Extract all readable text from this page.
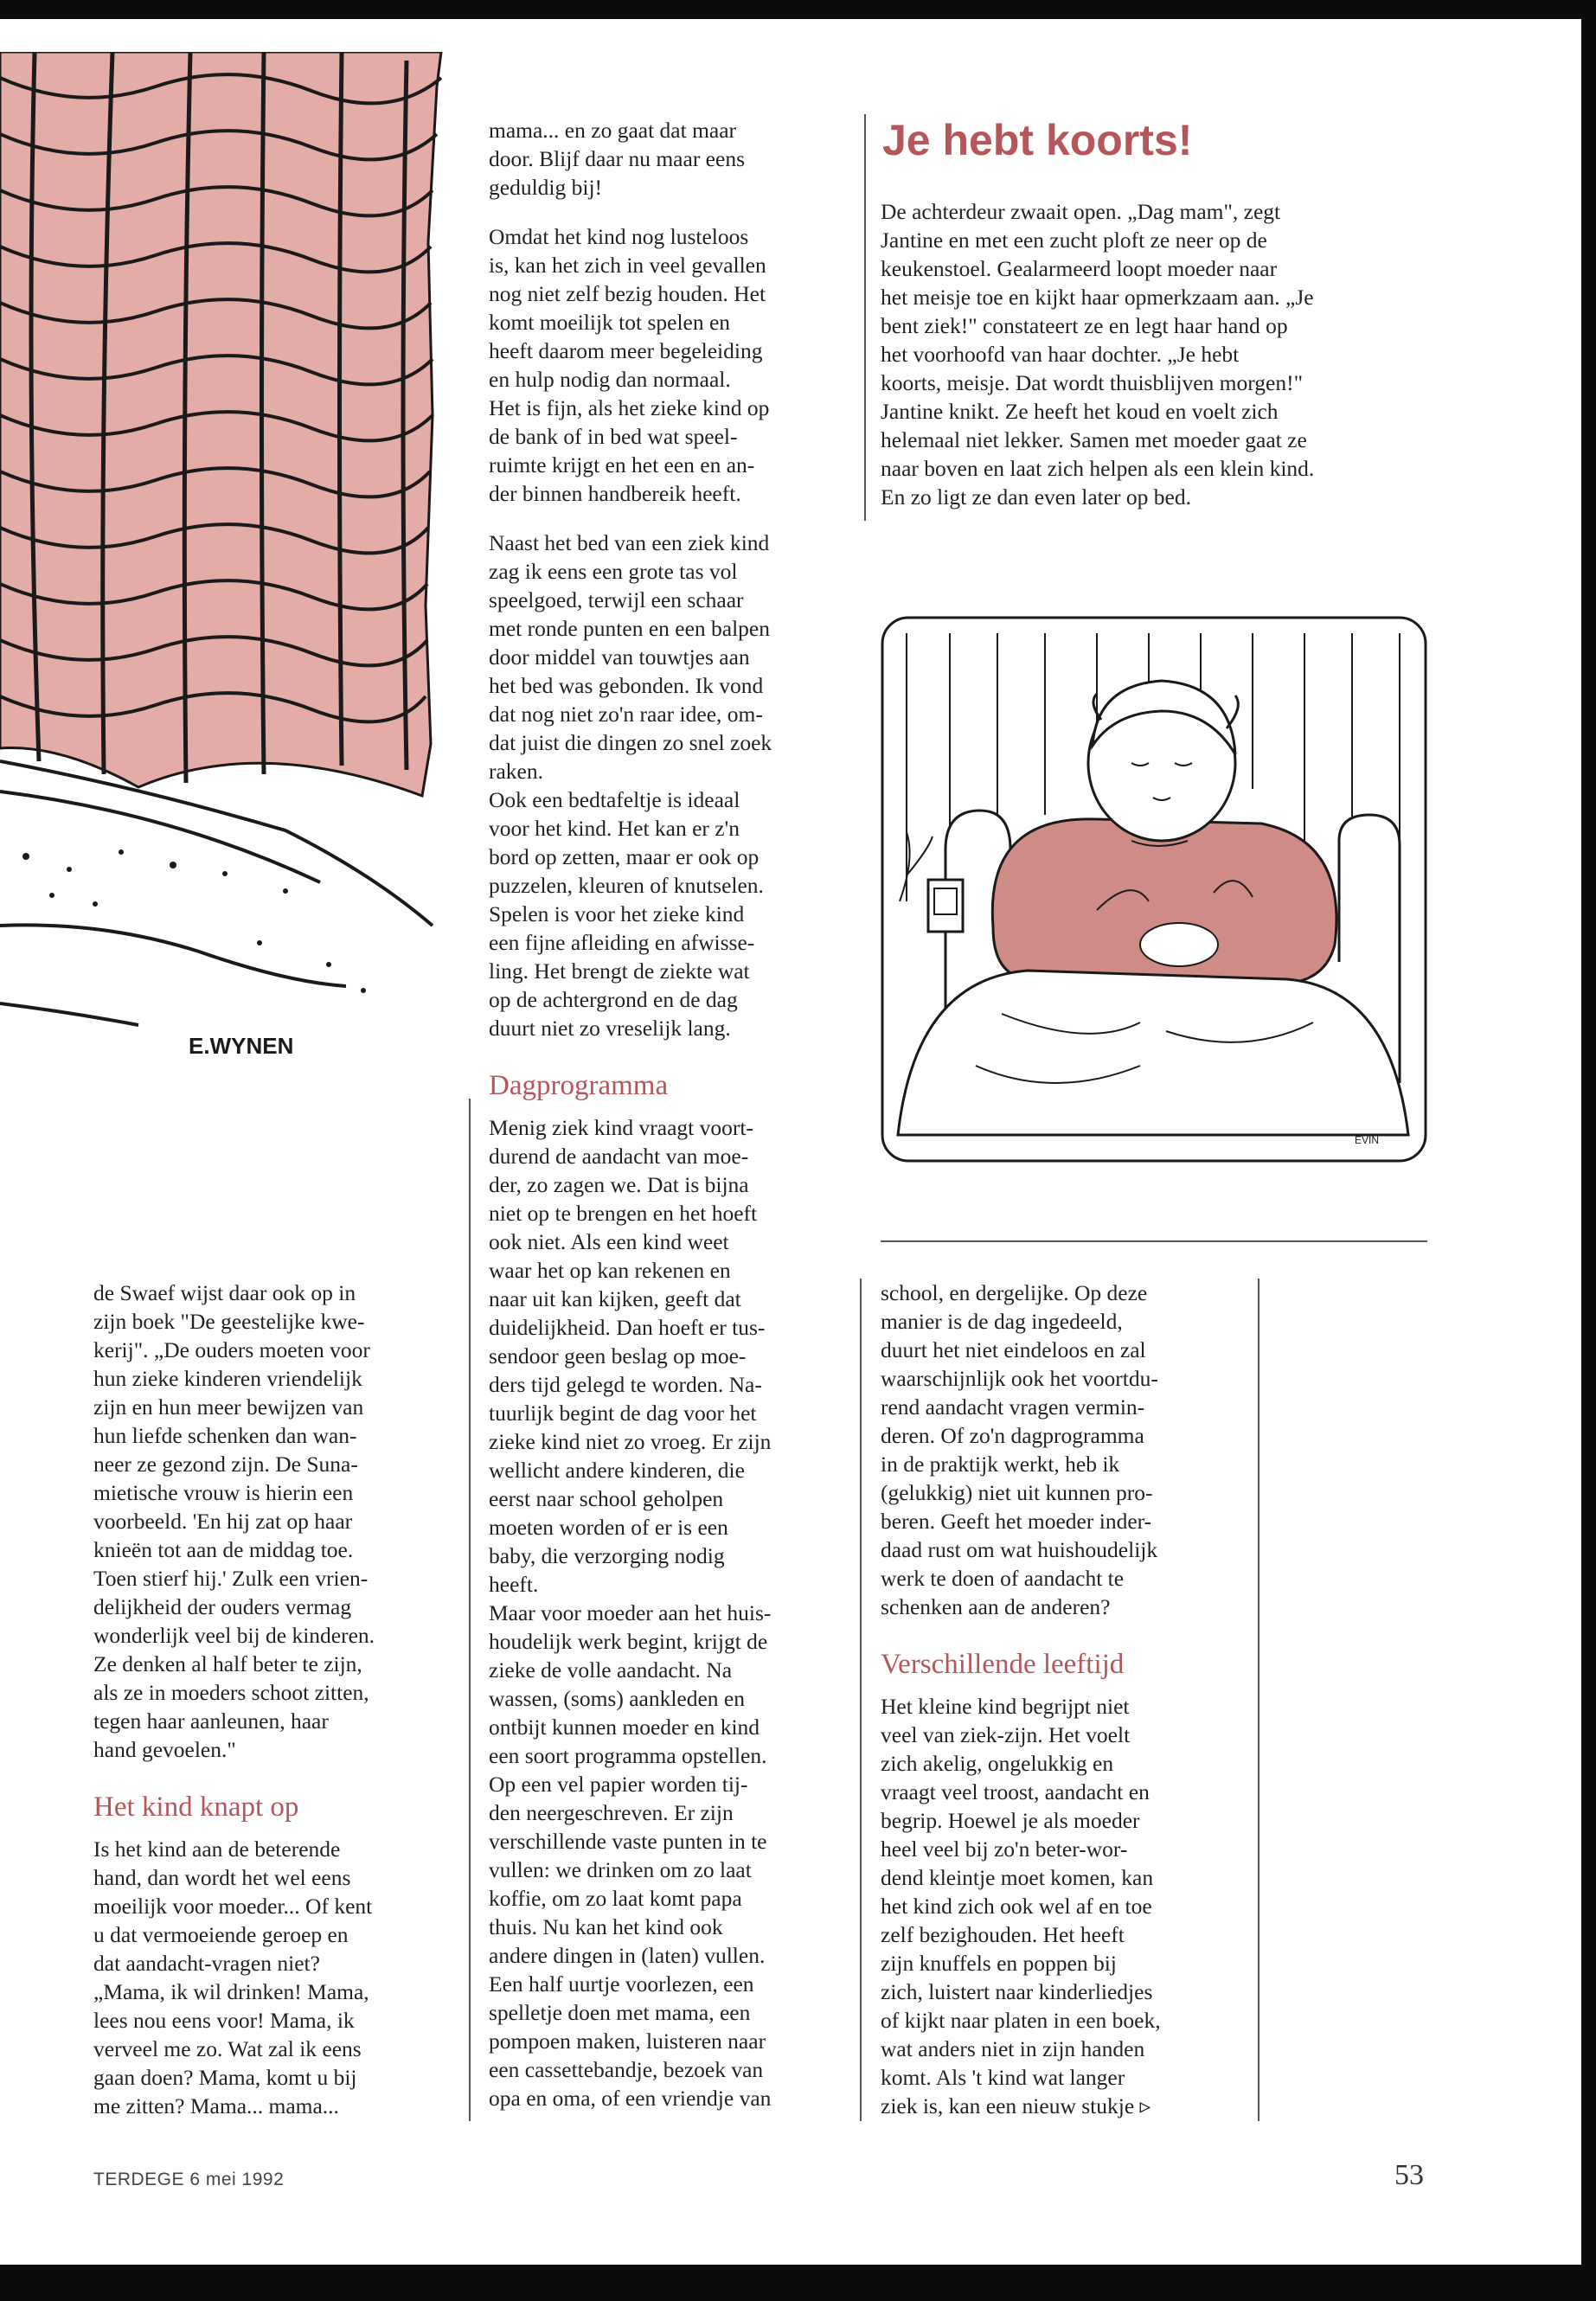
E.WYNEN

mama... en zo gaat dat maar
door. Blijf daar nu maar eens
geduldig bij!

Omdat het kind nog lusteloos
is, kan het zich in veel gevallen
nog niet zelf bezig houden. Het
komt moeilijk tot spelen en
heeft daarom meer begeleiding
en hulp nodig dan normaal.
Het is fijn, als het zieke kind op
de bank of in bed wat speel-
ruimte krijgt en het een en an-
der binnen handbereik heeft.

Naast het bed van een ziek kind
zag ik eens een grote tas vol
speelgoed, terwijl een schaar
met ronde punten en een balpen
door middel van touwtjes aan
het bed was gebonden. Ik vond
dat nog niet zo'n raar idee, om-
dat juist die dingen zo snel zoek
raken.
Ook een bedtafeltje is ideaal
voor het kind. Het kan er z'n
bord op zetten, maar er ook op
puzzelen, kleuren of knutselen.
Spelen is voor het zieke kind
een fijne afleiding en afwisse-
ling. Het brengt de ziekte wat
op de achtergrond en de dag
duurt niet zo vreselijk lang.

Dagprogramma

Menig ziek kind vraagt voort-
durend de aandacht van moe-
der, zo zagen we. Dat is bijna
niet op te brengen en het hoeft
ook niet. Als een kind weet
waar het op kan rekenen en
naar uit kan kijken, geeft dat
duidelijkheid. Dan hoeft er tus-
sendoor geen beslag op moe-
ders tijd gelegd te worden. Na-
tuurlijk begint de dag voor het
zieke kind niet zo vroeg. Er zijn
wellicht andere kinderen, die
eerst naar school geholpen
moeten worden of er is een
baby, die verzorging nodig
heeft.
Maar voor moeder aan het huis-
houdelijk werk begint, krijgt de
zieke de volle aandacht. Na
wassen, (soms) aankleden en
ontbijt kunnen moeder en kind
een soort programma opstellen.
Op een vel papier worden tij-
den neergeschreven. Er zijn
verschillende vaste punten in te
vullen: we drinken om zo laat
koffie, om zo laat komt papa
thuis. Nu kan het kind ook
andere dingen in (laten) vullen.
Een half uurtje voorlezen, een
spelletje doen met mama, een
pompoen maken, luisteren naar
een cassettebandje, bezoek van
opa en oma, of een vriendje van

Je hebt koorts!

De achterdeur zwaait open. „Dag mam", zegt
Jantine en met een zucht ploft ze neer op de
keukenstoel. Gealarmeerd loopt moeder naar
het meisje toe en kijkt haar opmerkzaam aan. „Je
bent ziek!" constateert ze en legt haar hand op
het voorhoofd van haar dochter. „Je hebt
koorts, meisje. Dat wordt thuisblijven morgen!"
Jantine knikt. Ze heeft het koud en voelt zich
helemaal niet lekker. Samen met moeder gaat ze
naar boven en laat zich helpen als een klein kind.
En zo ligt ze dan even later op bed.

EVIN

de Swaef wijst daar ook op in
zijn boek "De geestelijke kwe-
kerij". „De ouders moeten voor
hun zieke kinderen vriendelijk
zijn en hun meer bewijzen van
hun liefde schenken dan wan-
neer ze gezond zijn. De Suna-
mietische vrouw is hierin een
voorbeeld. 'En hij zat op haar
knieën tot aan de middag toe.
Toen stierf hij.' Zulk een vrien-
delijkheid der ouders vermag
wonderlijk veel bij de kinderen.
Ze denken al half beter te zijn,
als ze in moeders schoot zitten,
tegen haar aanleunen, haar
hand gevoelen."

Het kind knapt op

Is het kind aan de beterende
hand, dan wordt het wel eens
moeilijk voor moeder... Of kent
u dat vermoeiende geroep en
dat aandacht-vragen niet?
„Mama, ik wil drinken! Mama,
lees nou eens voor! Mama, ik
verveel me zo. Wat zal ik eens
gaan doen? Mama, komt u bij
me zitten? Mama... mama...

school, en dergelijke. Op deze
manier is de dag ingedeeld,
duurt het niet eindeloos en zal
waarschijnlijk ook het voortdu-
rend aandacht vragen vermin-
deren. Of zo'n dagprogramma
in de praktijk werkt, heb ik
(gelukkig) niet uit kunnen pro-
beren. Geeft het moeder inder-
daad rust om wat huishoudelijk
werk te doen of aandacht te
schenken aan de anderen?

Verschillende leeftijd

Het kleine kind begrijpt niet
veel van ziek-zijn. Het voelt
zich akelig, ongelukkig en
vraagt veel troost, aandacht en
begrip. Hoewel je als moeder
heel veel bij zo'n beter-wor-
dend kleintje moet komen, kan
het kind zich ook wel af en toe
zelf bezighouden. Het heeft
zijn knuffels en poppen bij
zich, luistert naar kinderliedjes
of kijkt naar platen in een boek,
wat anders niet in zijn handen
komt. Als 't kind wat langer
ziek is, kan een nieuw stukje ▹

TERDEGE 6 mei 1992	53
